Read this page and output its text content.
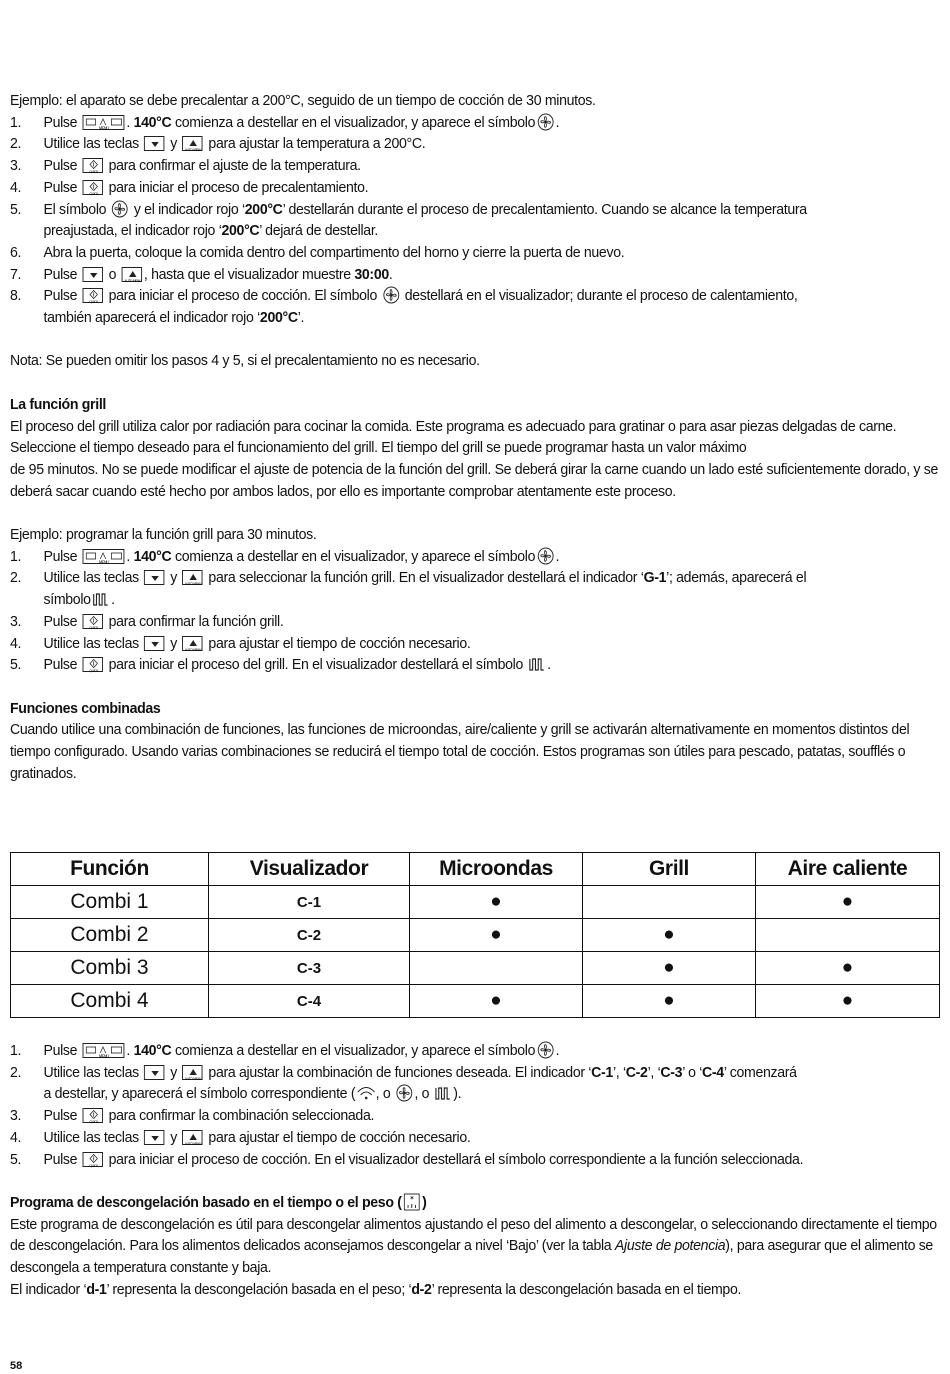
Ejemplo: el aparato se debe precalentar a 200°C, seguido de un tiempo de cocción de 30 minutos.

1.	Pulse	MENU . 140°C comienza a destellar en el visualizador, y aparece el símbolo .
2.	Utilice las teclas y AUTO MENU para ajustar la temperatura a 200°C.
3.	Pulse	QUICK para confirmar el ajuste de la temperatura.
4.	Pulse	QUICK para iniciar el proceso de precalentamiento.
5.	El símbolo y el indicador rojo ‘200°C’ destellarán durante el proceso de precalentamiento. Cuando se alcance la temperatura
preajustada, el indicador rojo ‘200°C’ dejará de destellar.
6.	Abra la puerta, coloque la comida dentro del compartimento del horno y cierre la puerta de nuevo.
7.	Pulse o AUTO MENU , hasta que el visualizador muestre 30:00.
8.	Pulse	QUICK para iniciar el proceso de cocción. El símbolo destellará en el visualizador; durante el proceso de calentamiento,
también aparecerá el indicador rojo ‘200°C’.

Nota: Se pueden omitir los pasos 4 y 5, si el precalentamiento no es necesario.

La función grill

El proceso del grill utiliza calor por radiación para cocinar la comida. Este programa es adecuado para gratinar o para asar piezas delgadas de carne.

Seleccione el tiempo deseado para el funcionamiento del grill. El tiempo del grill se puede programar hasta un valor máximo

de 95 minutos. No se puede modificar el ajuste de potencia de la función del grill. Se deberá girar la carne cuando un lado esté suficientemente dorado, y se deberá sacar cuando esté hecho por ambos lados, por ello es importante comprobar atentamente este proceso.

Ejemplo: programar la función grill para 30 minutos.

1.	Pulse	MENU . 140°C comienza a destellar en el visualizador, y aparece el símbolo .
2.	Utilice las teclas y AUTO MENU para seleccionar la función grill. En el visualizador destellará el indicador ‘G-1’; además, aparecerá el
símbolo .
3.	Pulse	QUICK para confirmar la función grill.
4.	Utilice las teclas y AUTO MENU para ajustar el tiempo de cocción necesario.
5.	Pulse	QUICK para iniciar el proceso del grill. En el visualizador destellará el símbolo .

Funciones combinadas

Cuando utilice una combinación de funciones, las funciones de microondas, aire/caliente y grill se activarán alternativamente en momentos distintos del tiempo configurado. Usando varias combinaciones se reducirá el tiempo total de cocción. Estos programas son útiles para pescado, patatas, soufflés o gratinados.

Función	Visualizador	Microondas	Grill	Aire caliente
Combi 1	C-1	●		●
Combi 2	C-2	●	●	
Combi 3	C-3		●	●
Combi 4	C-4	●	●	●
1.	Pulse	MENU . 140°C comienza a destellar en el visualizador, y aparece el símbolo .
2.	Utilice las teclas y AUTO MENU para ajustar la combinación de funciones deseada. El indicador ‘C-1’, ‘C-2’, ‘C-3’ o ‘C-4’ comenzará
a destellar, y aparecerá el símbolo correspondiente ( , o , o ).
3.	Pulse	QUICK para confirmar la combinación seleccionada.
4.	Utilice las teclas y AUTO MENU para ajustar el tiempo de cocción necesario.
5.	Pulse	QUICK para iniciar el proceso de cocción. En el visualizador destellará el símbolo correspondiente a la función seleccionada.

Programa de descongelación basado en el tiempo o el peso ( * )

Este programa de descongelación es útil para descongelar alimentos ajustando el peso del alimento a descongelar, o seleccionando directamente el tiempo de descongelación. Para los alimentos delicados aconsejamos descongelar a nivel ‘Bajo’ (ver la tabla Ajuste de potencia), para asegurar que el alimento se descongela a temperatura constante y baja.

El indicador ‘d-1’ representa la descongelación basada en el peso; ‘d-2’ representa la descongelación basada en el tiempo.

58
